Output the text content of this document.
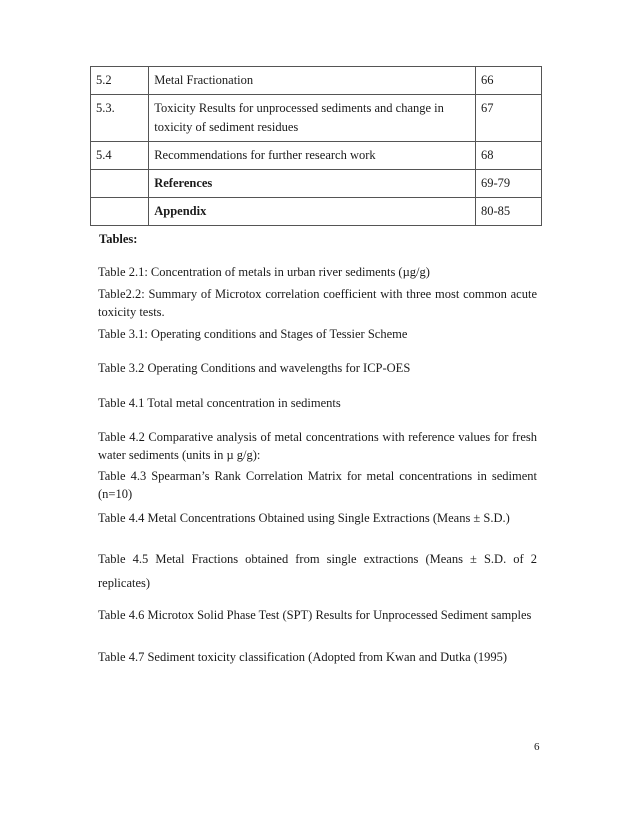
5.2	Metal Fractionation	66
5.3.	Toxicity Results for unprocessed sediments and change in toxicity of sediment residues	67
5.4	Recommendations for further research work	68
	References	69-79
	Appendix	80-85
Tables:
Table 2.1: Concentration of metals in urban river sediments (µg/g)
Table2.2: Summary of Microtox correlation coefficient with three most common acute toxicity tests.
Table 3.1: Operating conditions and Stages of Tessier Scheme
Table 3.2 Operating Conditions and wavelengths for ICP-OES
Table 4.1 Total metal concentration in sediments
Table 4.2 Comparative analysis of metal concentrations with reference values for fresh water sediments (units in µ g/g):
Table 4.3 Spearman’s Rank Correlation Matrix for metal concentrations in sediment (n=10)
Table 4.4 Metal Concentrations Obtained using Single Extractions (Means ± S.D.)
Table 4.5 Metal Fractions obtained from single extractions (Means ± S.D. of 2 replicates)
Table 4.6 Microtox Solid Phase Test (SPT) Results for Unprocessed Sediment samples
Table 4.7 Sediment toxicity classification (Adopted from Kwan and Dutka (1995)
6
